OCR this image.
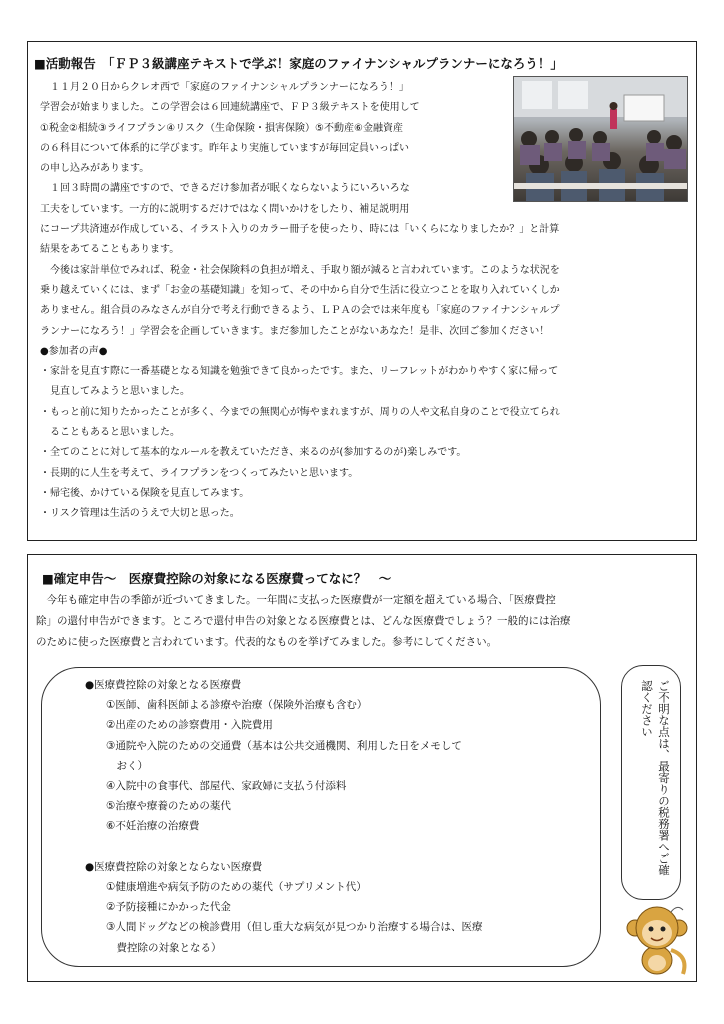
■活動報告　「ＦＰ３級講座テキストで学ぶ！家庭のファイナンシャルプランナーになろう！」
　１１月２０日からクレオ西で「家庭のファイナンシャルプランナーになろう！」
学習会が始まりました。この学習会は６回連続講座で、ＦＰ３級テキストを使用して
①税金②相続③ライフプラン④リスク（生命保険・損害保険）⑤不動産⑥金融資産
の６科目について体系的に学びます。昨年より実施していますが毎回定員いっぱい
の申し込みがあります。
　１回３時間の講座ですので、できるだけ参加者が眠くならないようにいろいろな
工夫をしています。一方的に説明するだけではなく問いかけをしたり、補足説明用
にコープ共済連が作成している、イラスト入りのカラー冊子を使ったり、時には「いくらになりましたか？」と計算
結果をあてることもあります。
　今後は家計単位でみれば、税金・社会保険料の負担が増え、手取り額が減ると言われています。このような状況を
乗り越えていくには、まず「お金の基礎知識」を知って、その中から自分で生活に役立つことを取り入れていくしか
ありません。組合員のみなさんが自分で考え行動できるよう、ＬＰＡの会では来年度も「家庭のファイナンシャルプ
ランナーになろう！」学習会を企画していきます。まだ参加したことがないあなた！是非、次回ご参加ください！
●参加者の声●
・家計を見直す際に一番基礎となる知識を勉強できて良かったです。また、リーフレットがわかりやすく家に帰って
　見直してみようと思いました。
・もっと前に知りたかったことが多く、今までの無関心が悔やまれますが、周りの人や文私自身のことで役立てられ
　ることもあると思いました。
・全てのことに対して基本的なルールを教えていただき、来るのが(参加するのが)楽しみです。
・長期的に人生を考えて、ライフプランをつくってみたいと思います。
・帰宅後、かけている保険を見直してみます。
・リスク管理は生活のうえで大切と思った。
■確定申告～　医療費控除の対象になる医療費ってなに？　～
　今年も確定申告の季節が近づいてきました。一年間に支払った医療費が一定額を超えている場合、「医療費控
除」の還付申告ができます。ところで還付申告の対象となる医療費とは、どんな医療費でしょう？一般的には治療
のために使った医療費と言われています。代表的なものを挙げてみました。参考にしてください。
●医療費控除の対象となる医療費
　　①医師、歯科医師よる診療や治療（保険外治療も含む）
　　②出産のための診察費用・入院費用
　　③通院や入院のための交通費（基本は公共交通機関、利用した日をメモして
　　　おく）
　　④入院中の食事代、部屋代、家政婦に支払う付添料
　　⑤治療や療養のための薬代
　　⑥不妊治療の治療費

●医療費控除の対象とならない医療費
　　①健康増進や病気予防のための薬代（サプリメント代）
　　②予防接種にかかった代金
　　③人間ドッグなどの検診費用（但し重大な病気が見つかり治療する場合は、医療
　　　費控除の対象となる）
ご不明な点は、最寄りの税務署へご確認ください
